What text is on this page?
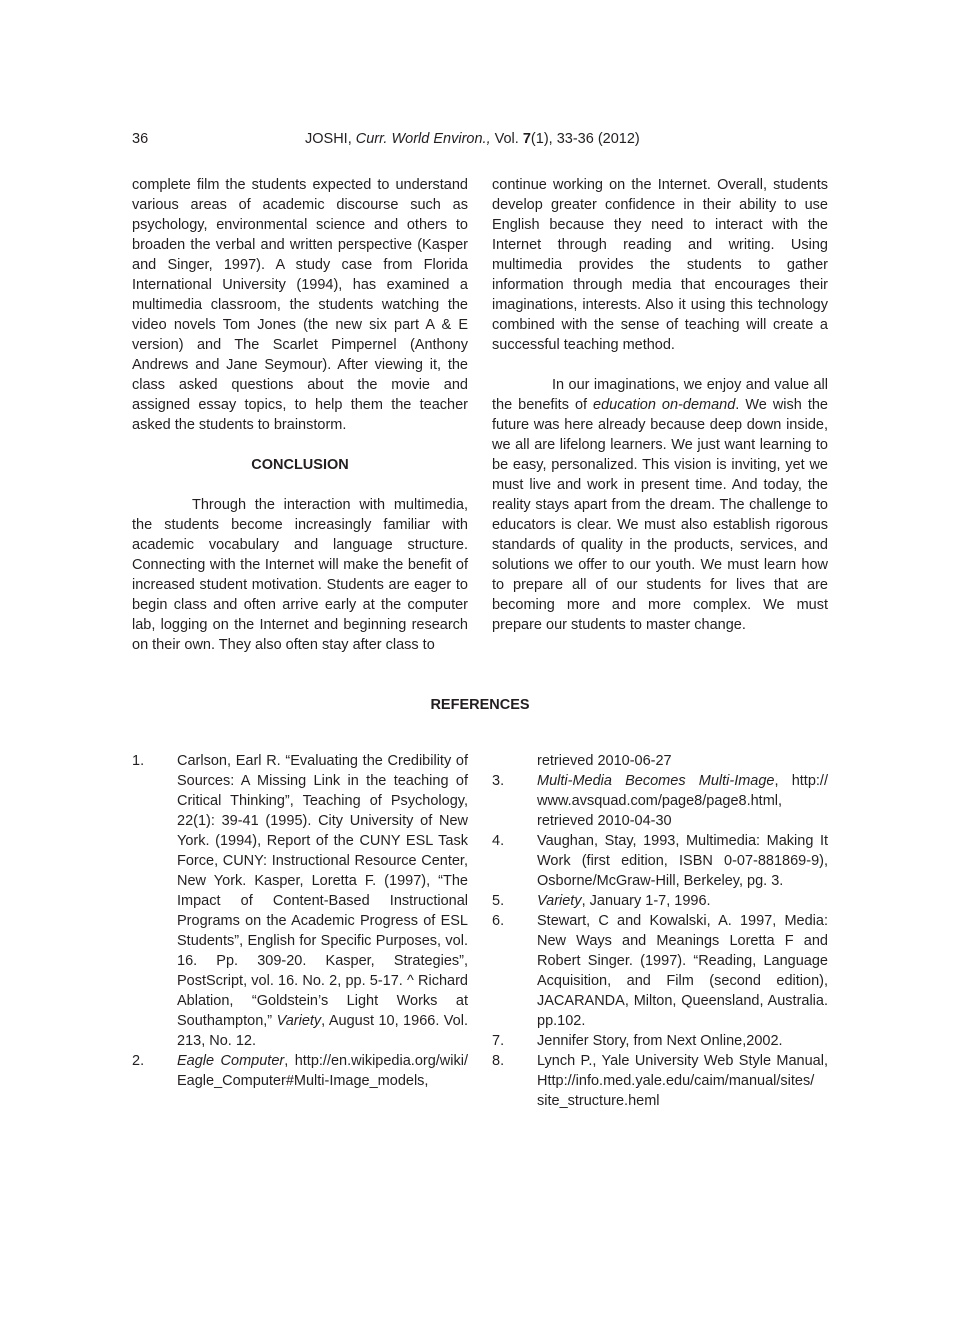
36	JOSHI, Curr. World Environ., Vol. 7(1), 33-36 (2012)

complete film the students expected to understand various areas of academic discourse such as psychology, environmental science and others to broaden the verbal and written perspective (Kasper and Singer, 1997). A study case from Florida International University (1994), has examined a multimedia classroom, the students watching the video novels Tom Jones (the new six part A & E version) and The Scarlet Pimpernel (Anthony Andrews and Jane Seymour). After viewing it, the class asked questions about the movie and assigned essay topics, to help them the teacher asked the students to brainstorm.

CONCLUSION

Through the interaction with multimedia, the students become increasingly familiar with academic vocabulary and language structure. Connecting with the Internet will make the benefit of increased student motivation. Students are eager to begin class and often arrive early at the computer lab, logging on the Internet and beginning research on their own. They also often stay after class to

continue working on the Internet. Overall, students develop greater confidence in their ability to use English because they need to interact with the Internet through reading and writing. Using multimedia provides the students to gather information through media that encourages their imaginations, interests. Also it using this technology combined with the sense of teaching will create a successful teaching method.

In our imaginations, we enjoy and value all the benefits of education on-demand. We wish the future was here already because deep down inside, we all are lifelong learners. We just want learning to be easy, personalized. This vision is inviting, yet we must live and work in present time. And today, the reality stays apart from the dream. The challenge to educators is clear. We must also establish rigorous standards of quality in the products, services, and solutions we offer to our youth. We must learn how to prepare all of our students for lives that are becoming more and more complex. We must prepare our students to master change.

REFERENCES
1.	Carlson, Earl R. “Evaluating the Credibility of Sources: A Missing Link in the teaching of Critical Thinking”, Teaching of Psychology, 22(1): 39-41 (1995). City University of New York. (1994), Report of the CUNY ESL Task Force, CUNY: Instructional Resource Center, New York. Kasper, Loretta F. (1997), “The Impact of Content-Based Instructional Programs on the Academic Progress of ESL Students”, English for Specific Purposes, vol. 16. Pp. 309-20. Kasper, Strategies”, PostScript, vol. 16. No. 2, pp. 5-17. ^ Richard Ablation, “Goldstein’s Light Works at Southampton,” Variety, August 10, 1966. Vol. 213, No. 12.
2.	Eagle Computer, http://en.wikipedia.org/wiki/ Eagle_Computer#Multi-Image_models,
retrieved 2010-06-27
3.	Multi-Media Becomes Multi-Image, http:// www.avsquad.com/page8/page8.html, retrieved 2010-04-30
4.	Vaughan, Stay, 1993, Multimedia: Making It Work (first edition, ISBN 0-07-881869-9), Osborne/McGraw-Hill, Berkeley, pg. 3.
5.	Variety, January 1-7, 1996.
6.	Stewart, C and Kowalski, A. 1997, Media: New Ways and Meanings Loretta F and Robert Singer. (1997). “Reading, Language Acquisition, and Film (second edition), JACARANDA, Milton, Queensland, Australia. pp.102.
7.	Jennifer Story, from Next Online,2002.
8.	Lynch P., Yale University Web Style Manual, Http://info.med.yale.edu/caim/manual/sites/ site_structure.heml
